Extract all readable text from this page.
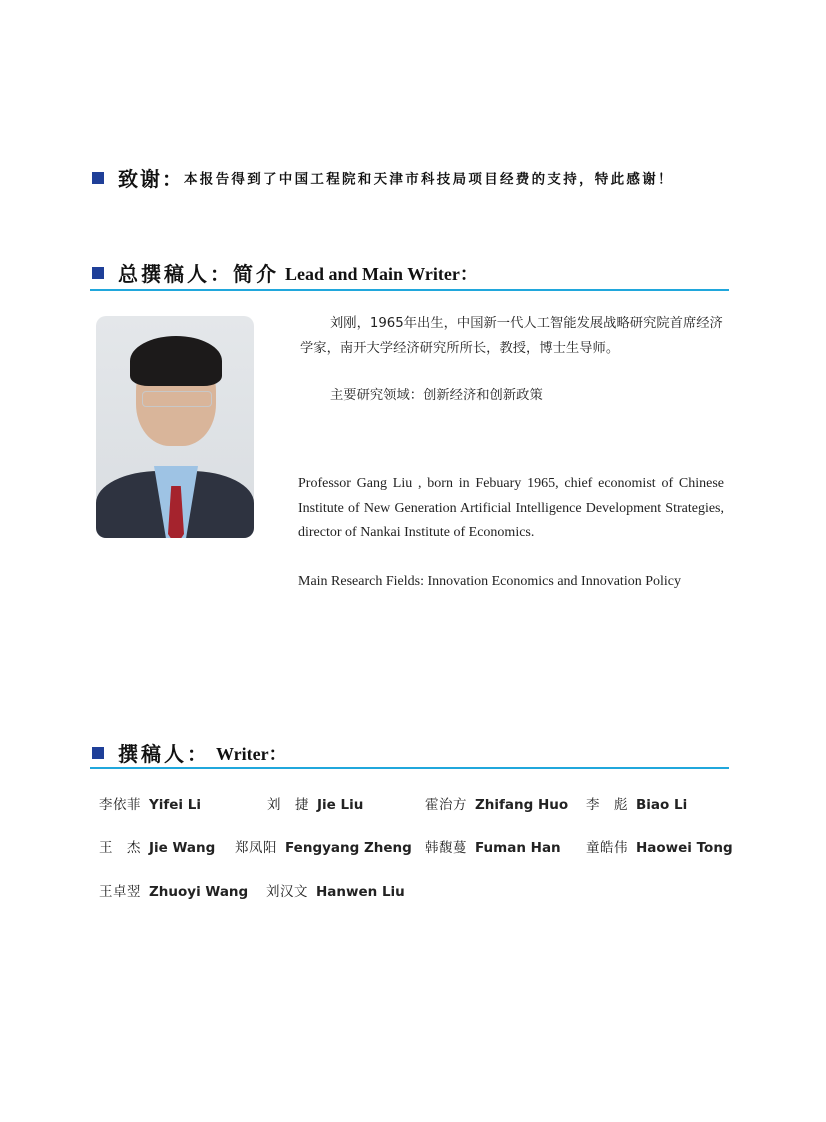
致谢：本报告得到了中国工程院和天津市科技局项目经费的支持，特此感谢！
总撰稿人：简介 Lead and Main Writer：
刘刚，1965年出生，中国新一代人工智能发展战略研究院首席经济学家，南开大学经济研究所所长，教授，博士生导师。
主要研究领域：创新经济和创新政策
Professor Gang Liu , born in Febuary 1965, chief economist of Chinese Institute of New Generation Artificial Intelligence Development Strategies, director of Nankai Institute of Economics.
Main Research Fields: Innovation Economics and Innovation Policy
撰稿人： Writer：
李依菲 Yifei Li	刘　捷 Jie Liu	霍治方 Zhifang Huo 李　彪 Biao Li
王　杰 Jie Wang 郑凤阳 Fengyang Zheng 韩馥蔓 Fuman Han 童皓伟 Haowei Tong
王卓翌 Zhuoyi Wang 刘汉文 Hanwen Liu
